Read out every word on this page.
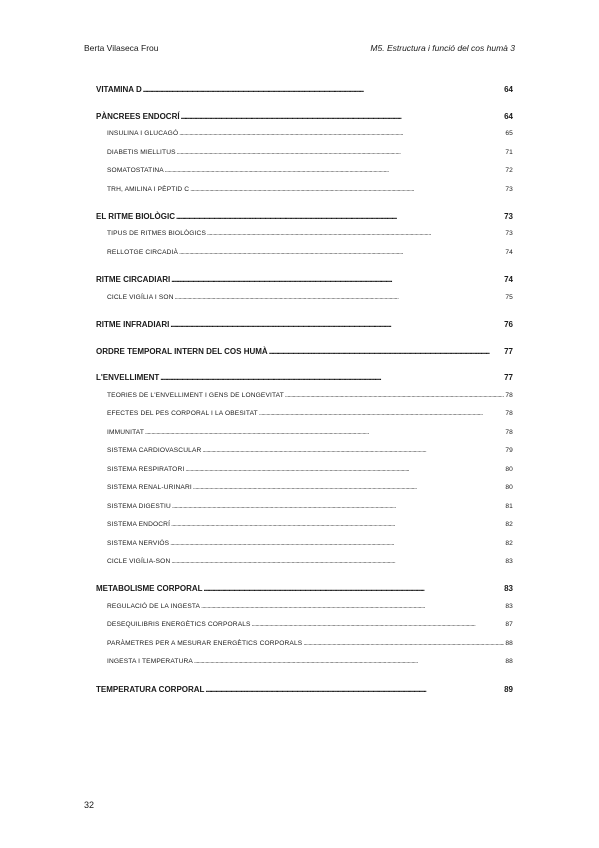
Berta Vilaseca Frou	M5. Estructura i funció del cos humà 3
VITAMINA D . . .	64
PÀNCREES ENDOCRÍ . . .	64
INSULINA I GLUCAGÓ . . .	65
DIABETIS MIELLITUS . . .	71
SOMATOSTATINA . . .	72
TRH, AMILINA I PÈPTID C . . .	73
EL RITME BIOLÒGIC . . .	73
TIPUS DE RITMES BIOLÒGICS . . .	73
RELLOTGE CIRCADIÀ . . .	74
RITME CIRCADIARI . . .	74
CICLE VIGÍLIA I SON . . .	75
RITME INFRADIARI . . .	76
ORDRE TEMPORAL INTERN DEL COS HUMÀ . . .	77
L'ENVELLIMENT . . .	77
TEORIES DE L'ENVELLIMENT I GENS DE LONGEVITAT . . .	78
EFECTES DEL PES CORPORAL I LA OBESITAT . . .	78
IMMUNITAT . . .	78
SISTEMA CARDIOVASCULAR . . .	79
SISTEMA RESPIRATORI . . .	80
SISTEMA RENAL-URINARI . . .	80
SISTEMA DIGESTIU . . .	81
SISTEMA ENDOCRÍ . . .	82
SISTEMA NERVIÓS . . .	82
CICLE VIGÍLIA-SON . . .	83
METABOLISME CORPORAL . . .	83
REGULACIÓ DE LA INGESTA . . .	83
DESEQUILIBRIS ENERGÈTICS CORPORALS . . .	87
PARÀMETRES PER A MESURAR ENERGÈTICS CORPORALS . . .	88
INGESTA I TEMPERATURA . . .	88
TEMPERATURA CORPORAL . . .	89
32
